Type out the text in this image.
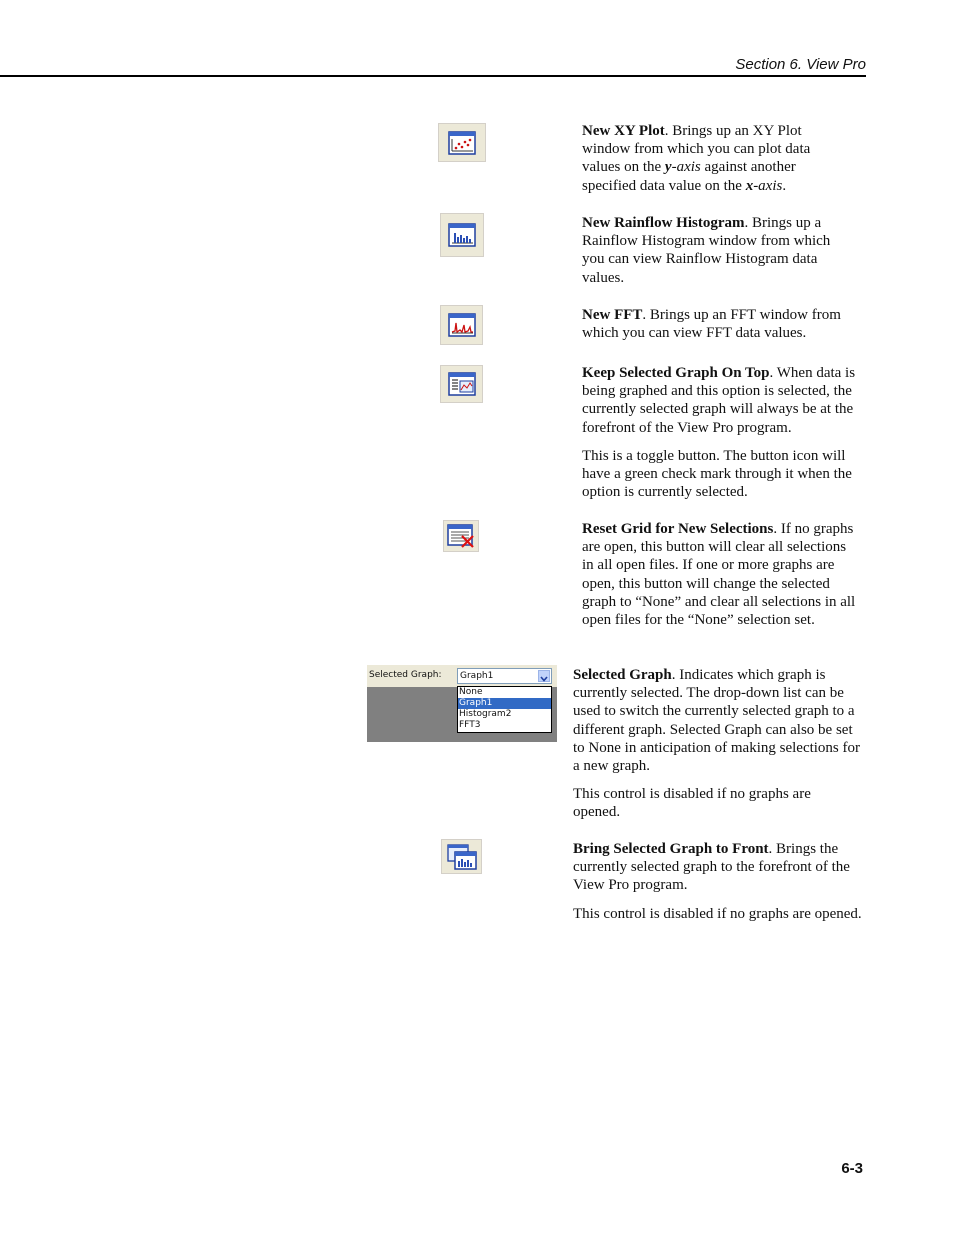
Section 6. View Pro

New XY Plot. Brings up an XY Plot window from which you can plot data values on the y-axis against another specified data value on the x-axis.

New Rainflow Histogram. Brings up a Rainflow Histogram window from which you can view Rainflow Histogram data values.

New FFT. Brings up an FFT window from which you can view FFT data values.

Keep Selected Graph On Top. When data is being graphed and this option is selected, the currently selected graph will always be at the forefront of the View Pro program.

This is a toggle button. The button icon will have a green check mark through it when the option is currently selected.

Reset Grid for New Selections. If no graphs are open, this button will clear all selections in all open files. If one or more graphs are open, this button will change the selected graph to “None” and clear all selections in all open files for the “None” selection set.

Selected Graph: Graph1
None
Graph1
Histogram2
FFT3

Selected Graph. Indicates which graph is currently selected. The drop-down list can be used to switch the currently selected graph to a different graph. Selected Graph can also be set to None in anticipation of making selections for a new graph.

This control is disabled if no graphs are opened.

Bring Selected Graph to Front. Brings the currently selected graph to the forefront of the View Pro program.

This control is disabled if no graphs are opened.

6-3
